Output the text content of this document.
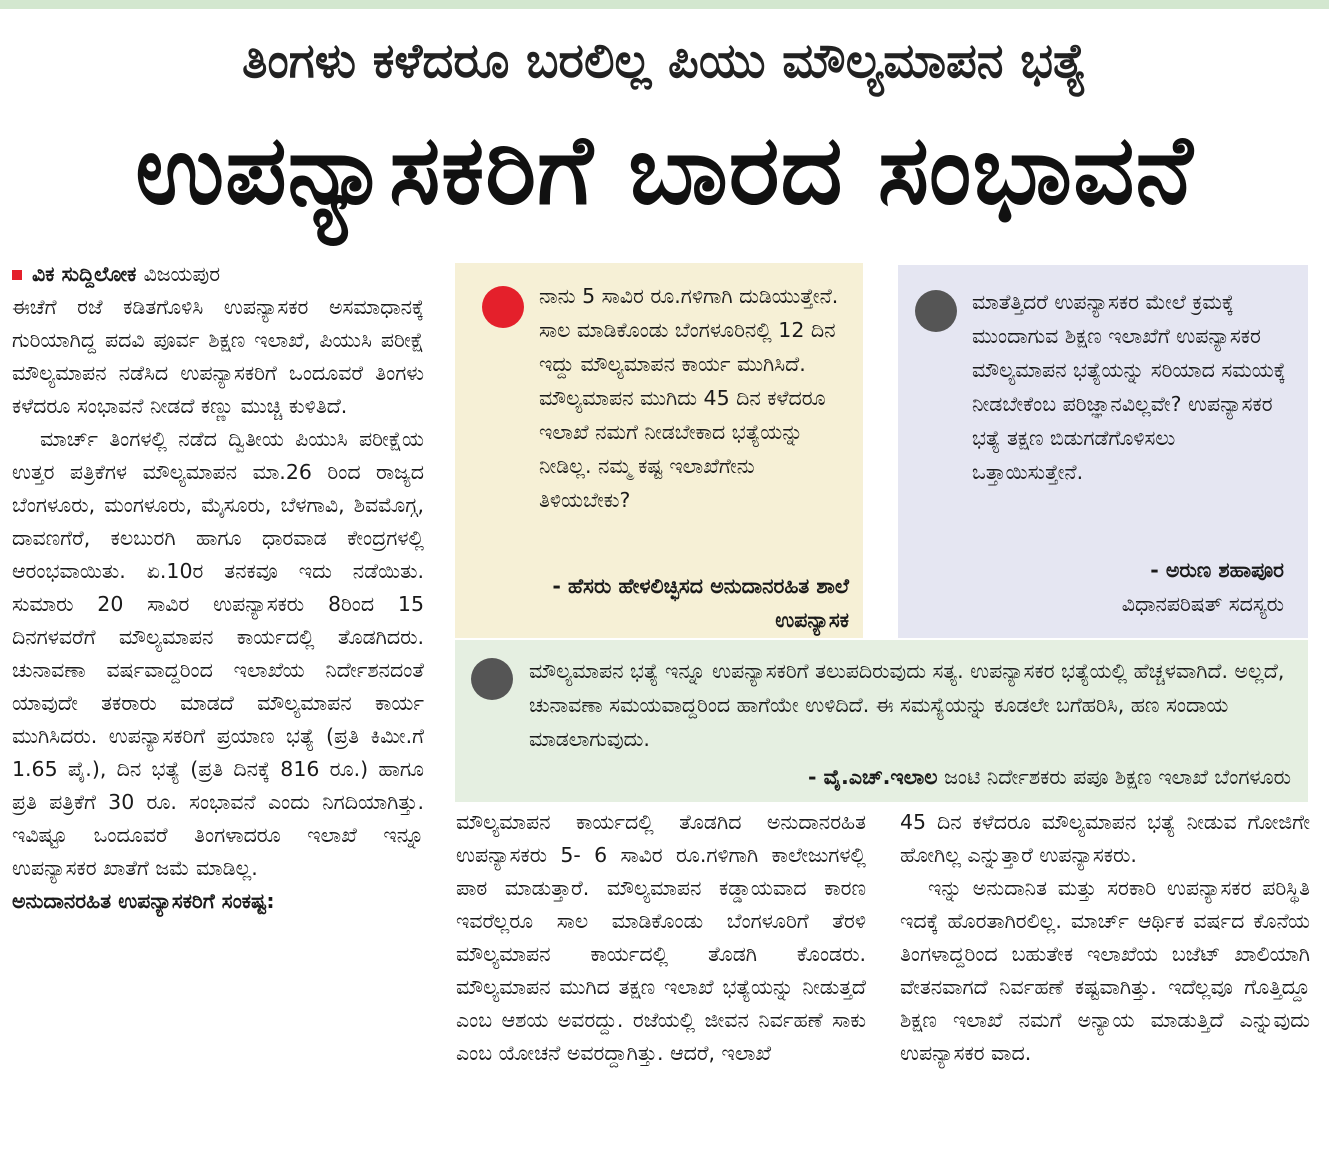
ತಿಂಗಳು ಕಳೆದರೂ ಬರಲಿಲ್ಲ ಪಿಯು ಮೌಲ್ಯಮಾಪನ ಭತ್ಯೆ
ಉಪನ್ಯಾಸಕರಿಗೆ ಬಾರದ ಸಂಭಾವನೆ

ವಿಕ ಸುದ್ದಿಲೋಕ ವಿಜಯಪುರ

ಈಚೆಗೆ ರಜೆ ಕಡಿತಗೊಳಿಸಿ ಉಪನ್ಯಾಸಕರ ಅಸಮಾಧಾನಕ್ಕೆ ಗುರಿಯಾಗಿದ್ದ ಪದವಿ ಪೂರ್ವ ಶಿಕ್ಷಣ ಇಲಾಖೆ, ಪಿಯುಸಿ ಪರೀಕ್ಷೆ ಮೌಲ್ಯಮಾಪನ ನಡೆಸಿದ ಉಪನ್ಯಾಸಕರಿಗೆ ಒಂದೂವರೆ ತಿಂಗಳು ಕಳೆದರೂ ಸಂಭಾವನೆ ನೀಡದೆ ಕಣ್ಣು ಮುಚ್ಚಿ ಕುಳಿತಿದೆ.

ಮಾರ್ಚ್ ತಿಂಗಳಲ್ಲಿ ನಡೆದ ದ್ವಿತೀಯ ಪಿಯುಸಿ ಪರೀಕ್ಷೆಯ ಉತ್ತರ ಪತ್ರಿಕೆಗಳ ಮೌಲ್ಯಮಾಪನ ಮಾ.26 ರಿಂದ ರಾಜ್ಯದ ಬೆಂಗಳೂರು, ಮಂಗಳೂರು, ಮೈಸೂರು, ಬೆಳಗಾವಿ, ಶಿವಮೊಗ್ಗ, ದಾವಣಗೆರೆ, ಕಲಬುರಗಿ ಹಾಗೂ ಧಾರವಾಡ ಕೇಂದ್ರಗಳಲ್ಲಿ ಆರಂಭವಾಯಿತು. ಏ.10ರ ತನಕವೂ ಇದು ನಡೆಯಿತು. ಸುಮಾರು 20 ಸಾವಿರ ಉಪನ್ಯಾಸಕರು 8ರಿಂದ 15 ದಿನಗಳವರೆಗೆ ಮೌಲ್ಯಮಾಪನ ಕಾರ್ಯದಲ್ಲಿ ತೊಡಗಿದರು. ಚುನಾವಣಾ ವರ್ಷವಾದ್ದರಿಂದ ಇಲಾಖೆಯ ನಿರ್ದೇಶನದಂತೆ ಯಾವುದೇ ತಕರಾರು ಮಾಡದೆ ಮೌಲ್ಯಮಾಪನ ಕಾರ್ಯ ಮುಗಿಸಿದರು. ಉಪನ್ಯಾಸಕರಿಗೆ ಪ್ರಯಾಣ ಭತ್ಯೆ (ಪ್ರತಿ ಕಿಮೀ.ಗೆ 1.65 ಪೈ.), ದಿನ ಭತ್ಯೆ (ಪ್ರತಿ ದಿನಕ್ಕೆ 816 ರೂ.) ಹಾಗೂ ಪ್ರತಿ ಪತ್ರಿಕೆಗೆ 30 ರೂ. ಸಂಭಾವನೆ ಎಂದು ನಿಗದಿಯಾಗಿತ್ತು. ಇವಿಷ್ಟೂ ಒಂದೂವರೆ ತಿಂಗಳಾದರೂ ಇಲಾಖೆ ಇನ್ನೂ ಉಪನ್ಯಾಸಕರ ಖಾತೆಗೆ ಜಮೆ ಮಾಡಿಲ್ಲ.

ಅನುದಾನರಹಿತ ಉಪನ್ಯಾಸಕರಿಗೆ ಸಂಕಷ್ಟ:

ನಾನು 5 ಸಾವಿರ ರೂ.ಗಳಿಗಾಗಿ ದುಡಿಯುತ್ತೇನೆ. ಸಾಲ ಮಾಡಿಕೊಂಡು ಬೆಂಗಳೂರಿನಲ್ಲಿ 12 ದಿನ ಇದ್ದು ಮೌಲ್ಯಮಾಪನ ಕಾರ್ಯ ಮುಗಿಸಿದೆ. ಮೌಲ್ಯಮಾಪನ ಮುಗಿದು 45 ದಿನ ಕಳೆದರೂ ಇಲಾಖೆ ನಮಗೆ ನೀಡಬೇಕಾದ ಭತ್ಯೆಯನ್ನು ನೀಡಿಲ್ಲ. ನಮ್ಮ ಕಷ್ಟ ಇಲಾಖೆಗೇನು ತಿಳಿಯಬೇಕು?

- ಹೆಸರು ಹೇಳಲಿಚ್ಛಿಸದ ಅನುದಾನರಹಿತ ಶಾಲೆ ಉಪನ್ಯಾಸಕ

ಮಾತೆತ್ತಿದರೆ ಉಪನ್ಯಾಸಕರ ಮೇಲೆ ಕ್ರಮಕ್ಕೆ ಮುಂದಾಗುವ ಶಿಕ್ಷಣ ಇಲಾಖೆಗೆ ಉಪನ್ಯಾಸಕರ ಮೌಲ್ಯಮಾಪನ ಭತ್ಯೆಯನ್ನು ಸರಿಯಾದ ಸಮಯಕ್ಕೆ ನೀಡಬೇಕೆಂಬ ಪರಿಜ್ಞಾನವಿಲ್ಲವೇ? ಉಪನ್ಯಾಸಕರ ಭತ್ಯೆ ತಕ್ಷಣ ಬಿಡುಗಡೆಗೊಳಿಸಲು ಒತ್ತಾಯಿಸುತ್ತೇನೆ.

- ಅರುಣ ಶಹಾಪೂರ

ವಿಧಾನಪರಿಷತ್ ಸದಸ್ಯರು

ಮೌಲ್ಯಮಾಪನ ಭತ್ಯೆ ಇನ್ನೂ ಉಪನ್ಯಾಸಕರಿಗೆ ತಲುಪದಿರುವುದು ಸತ್ಯ. ಉಪನ್ಯಾಸಕರ ಭತ್ಯೆಯಲ್ಲಿ ಹೆಚ್ಚಳವಾಗಿದೆ. ಅಲ್ಲದೆ, ಚುನಾವಣಾ ಸಮಯವಾದ್ದರಿಂದ ಹಾಗೆಯೇ ಉಳಿದಿದೆ. ಈ ಸಮಸ್ಯೆಯನ್ನು ಕೂಡಲೇ ಬಗೆಹರಿಸಿ, ಹಣ ಸಂದಾಯ ಮಾಡಲಾಗುವುದು.

- ವೈ.ಎಚ್.ಇಲಾಲ ಜಂಟಿ ನಿರ್ದೇಶಕರು ಪಪೂ ಶಿಕ್ಷಣ ಇಲಾಖೆ ಬೆಂಗಳೂರು

ಮೌಲ್ಯಮಾಪನ ಕಾರ್ಯದಲ್ಲಿ ತೊಡಗಿದ ಅನುದಾನರಹಿತ ಉಪನ್ಯಾಸಕರು 5- 6 ಸಾವಿರ ರೂ.ಗಳಿಗಾಗಿ ಕಾಲೇಜುಗಳಲ್ಲಿ ಪಾಠ ಮಾಡುತ್ತಾರೆ. ಮೌಲ್ಯಮಾಪನ ಕಡ್ಡಾಯವಾದ ಕಾರಣ ಇವರೆಲ್ಲರೂ ಸಾಲ ಮಾಡಿಕೊಂಡು ಬೆಂಗಳೂರಿಗೆ ತೆರಳಿ ಮೌಲ್ಯಮಾಪನ ಕಾರ್ಯದಲ್ಲಿ ತೊಡಗಿ ಕೊಂಡರು. ಮೌಲ್ಯಮಾಪನ ಮುಗಿದ ತಕ್ಷಣ ಇಲಾಖೆ ಭತ್ಯೆಯನ್ನು ನೀಡುತ್ತದೆ ಎಂಬ ಆಶಯ ಅವರದ್ದು. ರಜೆಯಲ್ಲಿ ಜೀವನ ನಿರ್ವಹಣೆ ಸಾಕು ಎಂಬ ಯೋಚನೆ ಅವರದ್ದಾಗಿತ್ತು. ಆದರೆ, ಇಲಾಖೆ

45 ದಿನ ಕಳೆದರೂ ಮೌಲ್ಯಮಾಪನ ಭತ್ಯೆ ನೀಡುವ ಗೋಜಿಗೇ ಹೋಗಿಲ್ಲ ಎನ್ನುತ್ತಾರೆ ಉಪನ್ಯಾಸಕರು.

ಇನ್ನು ಅನುದಾನಿತ ಮತ್ತು ಸರಕಾರಿ ಉಪನ್ಯಾಸಕರ ಪರಿಸ್ಥಿತಿ ಇದಕ್ಕೆ ಹೊರತಾಗಿರಲಿಲ್ಲ. ಮಾರ್ಚ್ ಆರ್ಥಿಕ ವರ್ಷದ ಕೊನೆಯ ತಿಂಗಳಾದ್ದರಿಂದ ಬಹುತೇಕ ಇಲಾಖೆಯ ಬಜೆಟ್ ಖಾಲಿಯಾಗಿ ವೇತನವಾಗದೆ ನಿರ್ವಹಣೆ ಕಷ್ಟವಾಗಿತ್ತು. ಇದೆಲ್ಲವೂ ಗೊತ್ತಿದ್ದೂ ಶಿಕ್ಷಣ ಇಲಾಖೆ ನಮಗೆ ಅನ್ಯಾಯ ಮಾಡುತ್ತಿದೆ ಎನ್ನುವುದು ಉಪನ್ಯಾಸಕರ ವಾದ.
